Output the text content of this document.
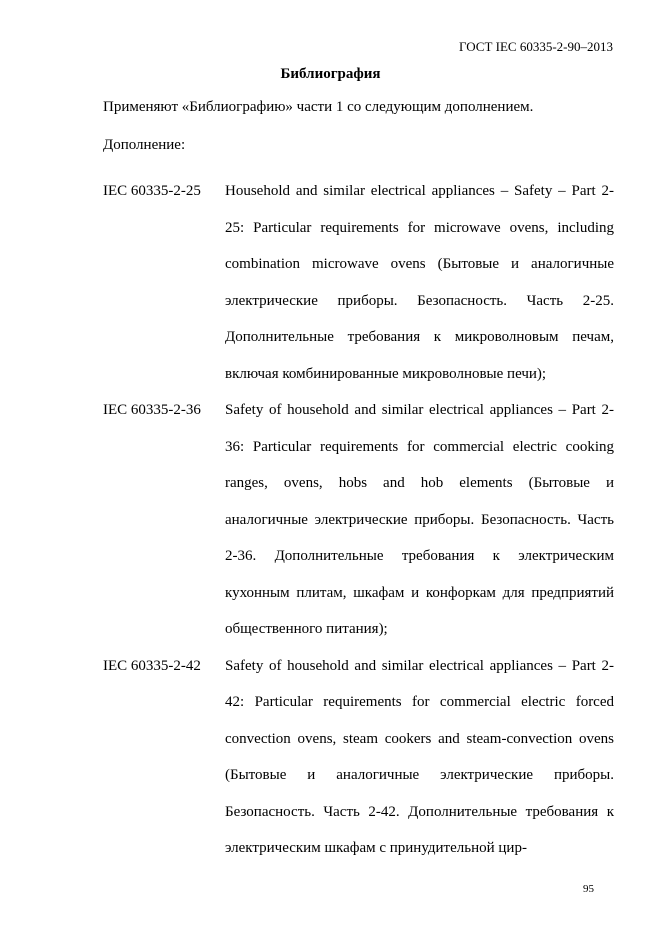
ГОСТ IEC 60335-2-90–2013
Библиография
Применяют «Библиографию» части 1 со следующим дополнением.
Дополнение:
IEC 60335-2-25	Household and similar electrical appliances – Safety – Part 2-25: Particular requirements for microwave ovens, including combination microwave ovens (Бытовые и аналогичные электрические приборы. Безопасность. Часть 2-25. Дополнительные требования к микроволновым печам, включая комбинированные микроволновые печи);
IEC 60335-2-36	Safety of household and similar electrical appliances – Part 2-36: Particular requirements for commercial electric cooking ranges, ovens, hobs and hob elements (Бытовые и аналогичные электрические приборы. Безопасность. Часть 2-36. Дополнительные требования к электрическим кухонным плитам, шкафам и конфоркам для предприятий общественного питания);
IEC 60335-2-42	Safety of household and similar electrical appliances – Part 2-42: Particular requirements for commercial electric forced convection ovens, steam cookers and steam-convection ovens (Бытовые и аналогичные электрические приборы. Безопасность. Часть 2-42. Дополнительные требования к электрическим шкафам с принудительной цир-
95
